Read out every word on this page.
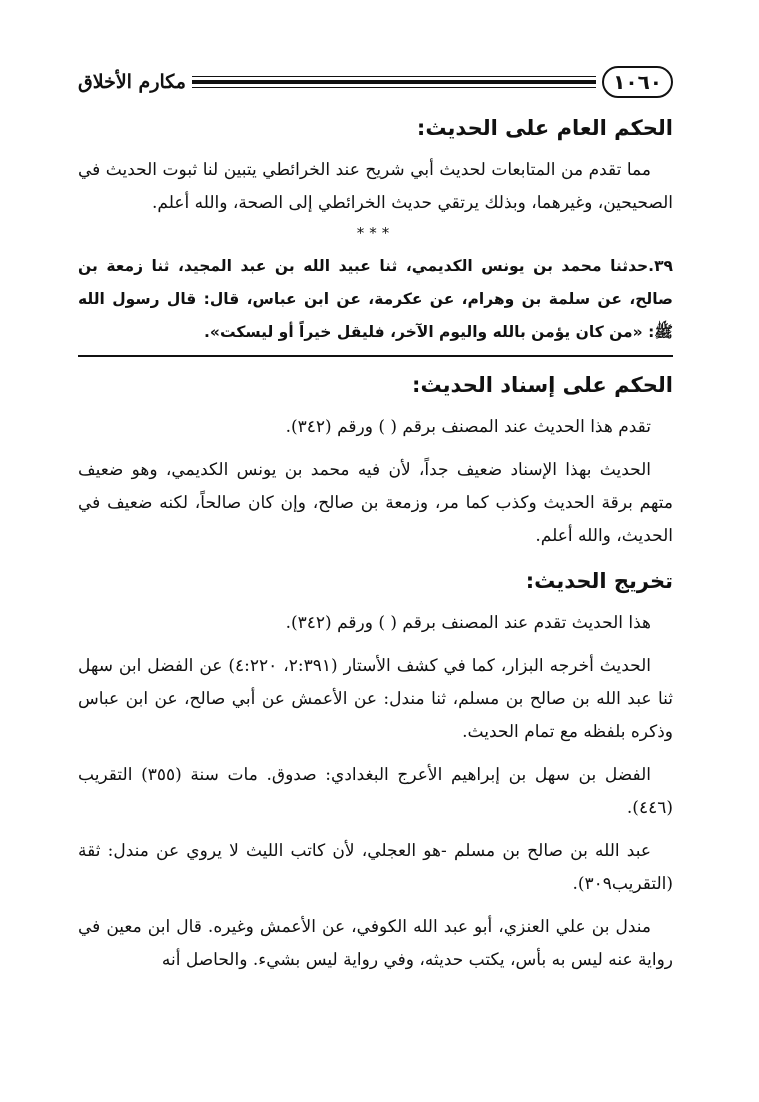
١٠٦٠
مكارم الأخلاق
الحكم العام على الحديث:

مما تقدم من المتابعات لحديث أبي شريح عند الخرائطي يتبين لنا ثبوت الحديث في الصحيحين، وغيرهما، وبذلك يرتقي حديث الخرائطي إلى الصحة، والله أعلم.

***
٣٩.حدثنا محمد بن يونس الكديمي، ثنا عبيد الله بن عبد المجيد، ثنا زمعة بن صالح، عن سلمة بن وهرام، عن عكرمة، عن ابن عباس، قال: قال رسول الله ﷺ: «من كان يؤمن بالله واليوم الآخر، فليقل خيراً أو ليسكت».
الحكم على إسناد الحديث:

تقدم هذا الحديث عند المصنف برقم ( ) ورقم (٣٤٢).

الحديث بهذا الإسناد ضعيف جداً، لأن فيه محمد بن يونس الكديمي، وهو ضعيف متهم برقة الحديث وكذب كما مر، وزمعة بن صالح، وإن كان صالحاً، لكنه ضعيف في الحديث، والله أعلم.

تخريج الحديث:

هذا الحديث تقدم عند المصنف برقم ( ) ورقم (٣٤٢).

الحديث أخرجه البزار، كما في كشف الأستار (٢:٣٩١، ٤:٢٢٠) عن الفضل ابن سهل ثنا عبد الله بن صالح بن مسلم، ثنا مندل: عن الأعمش عن أبي صالح، عن ابن عباس وذكره بلفظه مع تمام الحديث.

الفضل بن سهل بن إبراهيم الأعرج البغدادي: صدوق. مات سنة (٣٥٥) التقريب (٤٤٦).

عبد الله بن صالح بن مسلم -هو العجلي، لأن كاتب الليث لا يروي عن مندل: ثقة (التقريب٣٠٩).

مندل بن علي العنزي، أبو عبد الله الكوفي، عن الأعمش وغيره. قال ابن معين في رواية عنه ليس به بأس، يكتب حديثه، وفي رواية ليس بشيء. والحاصل أنه
